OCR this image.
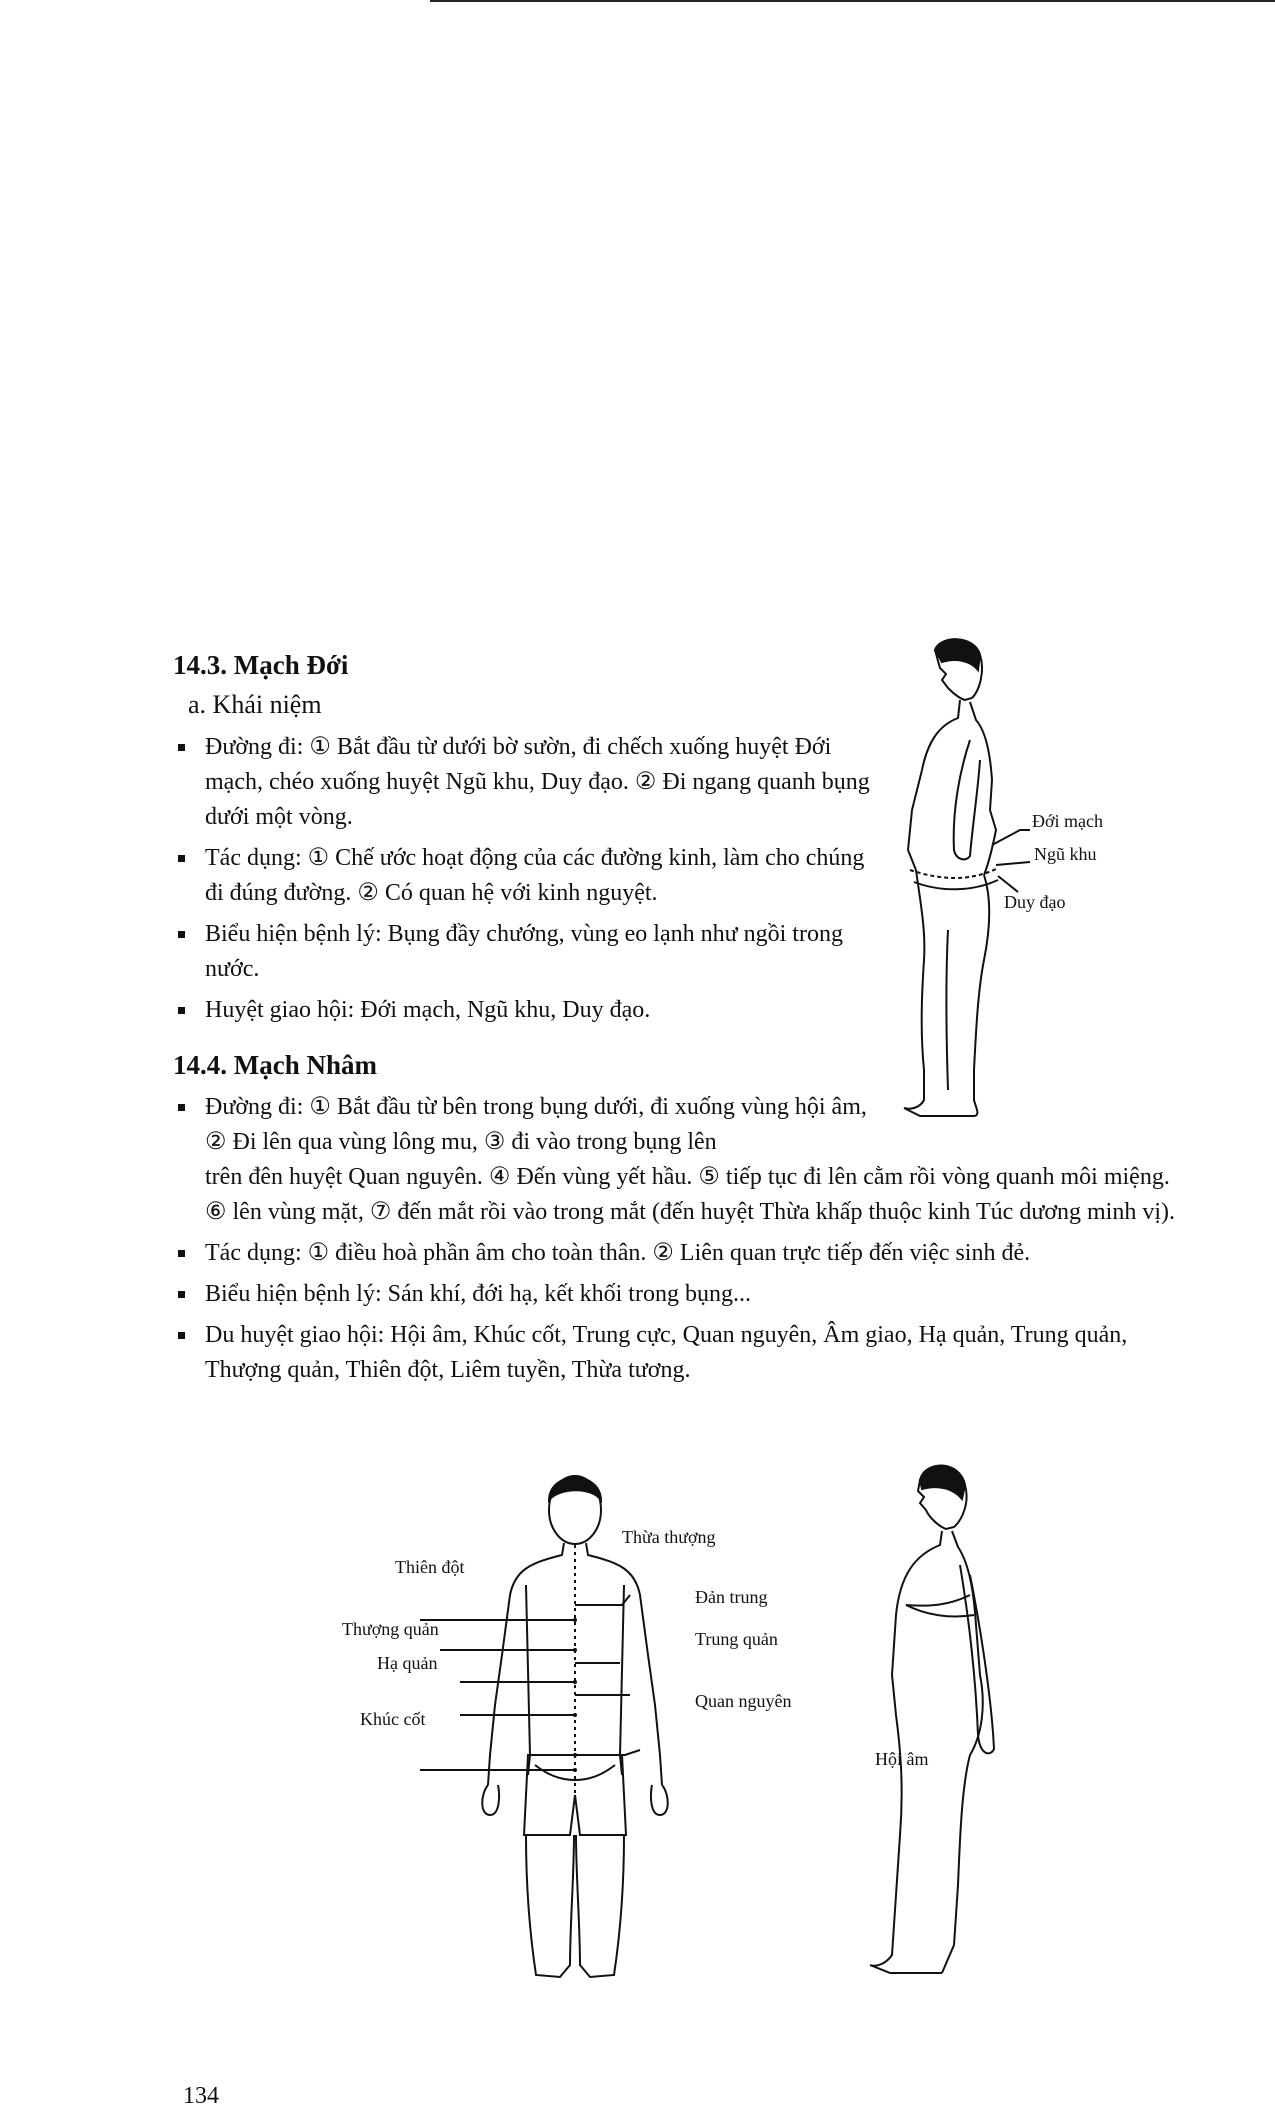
14.3. Mạch Đới
a. Khái niệm
Đường đi: ① Bắt đầu từ dưới bờ sườn, đi chếch xuống huyệt Đới mạch, chéo xuống huyệt Ngũ khu, Duy đạo. ② Đi ngang quanh bụng dưới một vòng.
Tác dụng: ① Chế ước hoạt động của các đường kinh, làm cho chúng đi đúng đường. ② Có quan hệ với kinh nguyệt.
Biểu hiện bệnh lý: Bụng đầy chướng, vùng eo lạnh như ngồi trong nước.
Huyệt giao hội: Đới mạch, Ngũ khu, Duy đạo.
Đới mạch
Ngũ khu
Duy đạo
14.4. Mạch Nhâm
Đường đi: ① Bắt đầu từ bên trong bụng dưới, đi xuống vùng hội âm, ② Đi lên qua vùng lông mu, ③ đi vào trong bụng lên
trên đên huyệt Quan nguyên. ④ Đến vùng yết hầu. ⑤ tiếp tục đi lên cằm rồi vòng quanh môi miệng. ⑥ lên vùng mặt, ⑦ đến mắt rồi vào trong mắt (đến huyệt Thừa khấp thuộc kinh Túc dương minh vị).
Tác dụng: ① điều hoà phần âm cho toàn thân. ② Liên quan trực tiếp đến việc sinh đẻ.
Biểu hiện bệnh lý: Sán khí, đới hạ, kết khối trong bụng...
Du huyệt giao hội: Hội âm, Khúc cốt, Trung cực, Quan nguyên, Âm giao, Hạ quản, Trung quản, Thượng quản, Thiên đột, Liêm tuyền, Thừa tương.
Thiên đột
Thượng quản
Hạ quản
Khúc cốt
Thừa thượng
Đản trung
Trung quản
Quan nguyên
Hội âm
134
